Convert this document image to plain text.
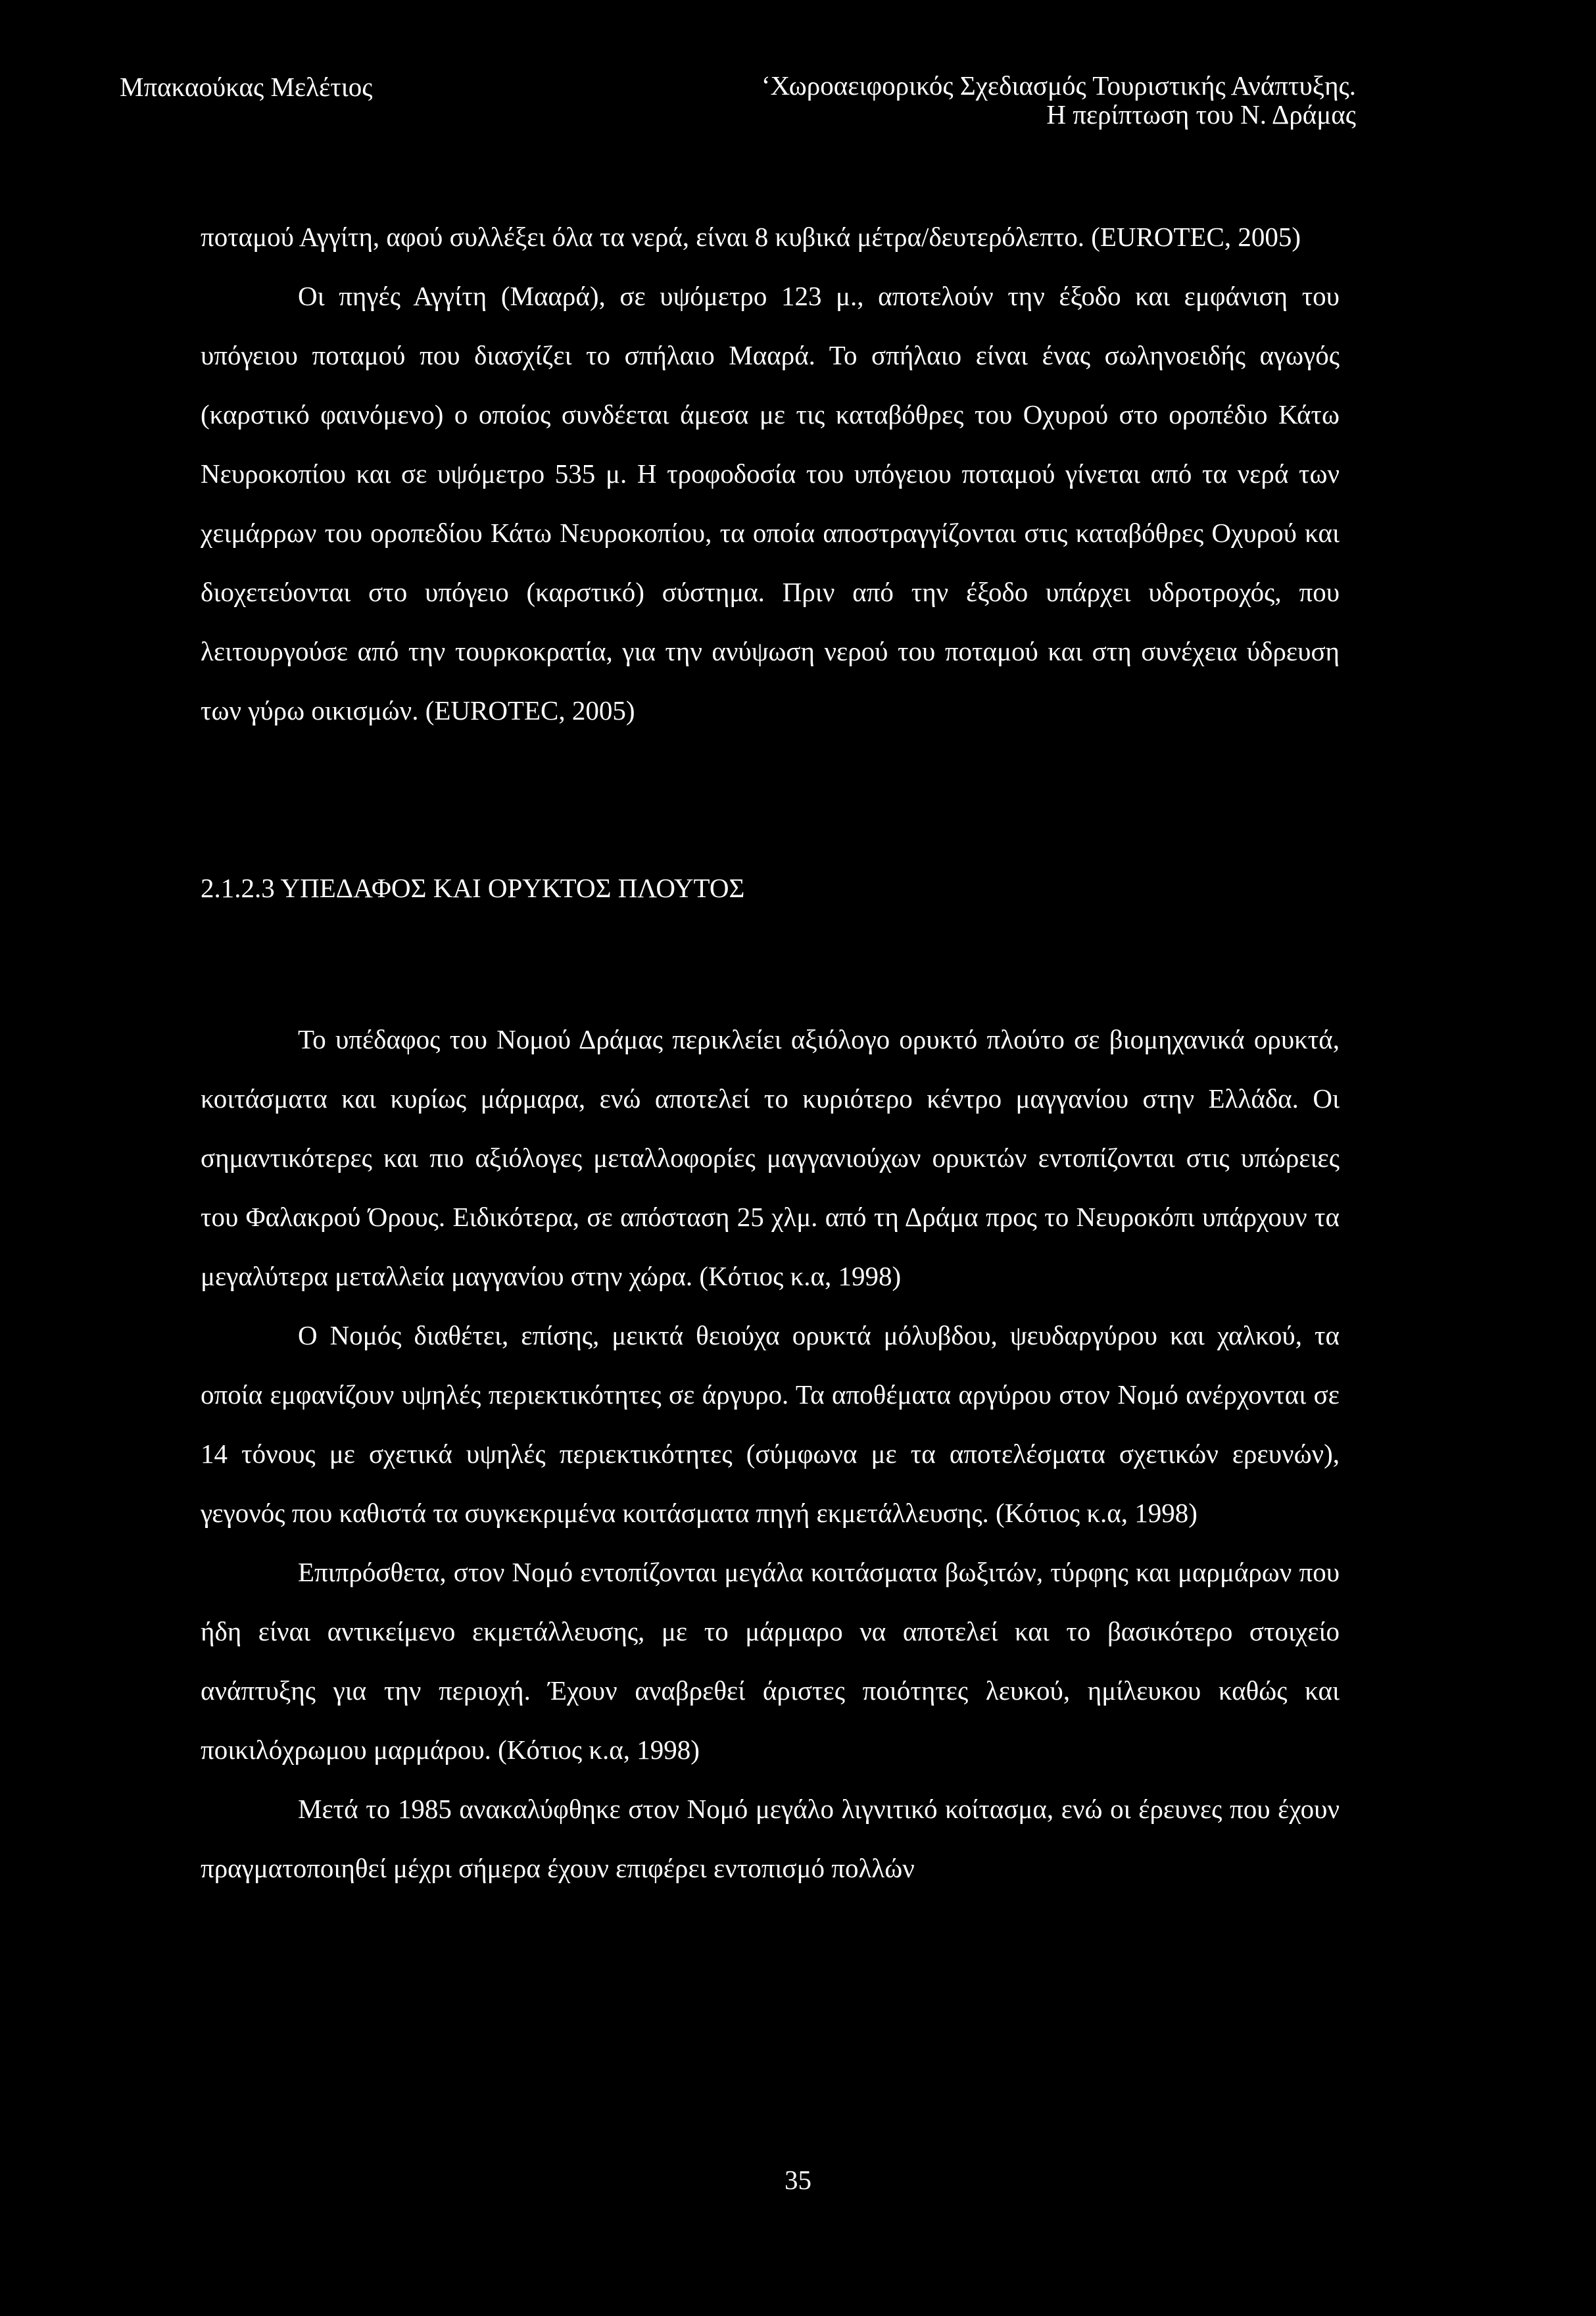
Μπακαούκας Μελέτιος	‘Χωροαειφορικός Σχεδιασμός Τουριστικής Ανάπτυξης.
Η περίπτωση του Ν. Δράμας

ποταμού Αγγίτη, αφού συλλέξει όλα τα νερά, είναι 8 κυβικά μέτρα/δευτερόλεπτο. (EUROTEC, 2005)

Οι πηγές Αγγίτη (Μααρά), σε υψόμετρο 123 μ., αποτελούν την έξοδο και εμφάνιση του υπόγειου ποταμού που διασχίζει το σπήλαιο Μααρά. Το σπήλαιο είναι ένας σωληνοειδής αγωγός (καρστικό φαινόμενο) ο οποίος συνδέεται άμεσα με τις καταβόθρες του Οχυρού στο οροπέδιο Κάτω Νευροκοπίου και σε υψόμετρο 535 μ. Η τροφοδοσία του υπόγειου ποταμού γίνεται από τα νερά των χειμάρρων του οροπεδίου Κάτω Νευροκοπίου, τα οποία αποστραγγίζονται στις καταβόθρες Οχυρού και διοχετεύονται στο υπόγειο (καρστικό) σύστημα. Πριν από την έξοδο υπάρχει υδροτροχός, που λειτουργούσε από την τουρκοκρατία, για την ανύψωση νερού του ποταμού και στη συνέχεια ύδρευση των γύρω οικισμών. (EUROTEC, 2005)

2.1.2.3 ΥΠΕΔΑΦΟΣ ΚΑΙ ΟΡΥΚΤΟΣ ΠΛΟΥΤΟΣ

Το υπέδαφος του Νομού Δράμας περικλείει αξιόλογο ορυκτό πλούτο σε βιομηχανικά ορυκτά, κοιτάσματα και κυρίως μάρμαρα, ενώ αποτελεί το κυριότερο κέντρο μαγγανίου στην Ελλάδα. Οι σημαντικότερες και πιο αξιόλογες μεταλλοφορίες μαγγανιούχων ορυκτών εντοπίζονται στις υπώρειες του Φαλακρού Όρους. Ειδικότερα, σε απόσταση 25 χλμ. από τη Δράμα προς το Νευροκόπι υπάρχουν τα μεγαλύτερα μεταλλεία μαγγανίου στην χώρα. (Κότιος κ.α, 1998)

Ο Νομός διαθέτει, επίσης, μεικτά θειούχα ορυκτά μόλυβδου, ψευδαργύρου και χαλκού, τα οποία εμφανίζουν υψηλές περιεκτικότητες σε άργυρο. Τα αποθέματα αργύρου στον Νομό ανέρχονται σε 14 τόνους με σχετικά υψηλές περιεκτικότητες (σύμφωνα με τα αποτελέσματα σχετικών ερευνών), γεγονός που καθιστά τα συγκεκριμένα κοιτάσματα πηγή εκμετάλλευσης. (Κότιος κ.α, 1998)

Επιπρόσθετα, στον Νομό εντοπίζονται μεγάλα κοιτάσματα βωξιτών, τύρφης και μαρμάρων που ήδη είναι αντικείμενο εκμετάλλευσης, με το μάρμαρο να αποτελεί και το βασικότερο στοιχείο ανάπτυξης για την περιοχή. Έχουν αναβρεθεί άριστες ποιότητες λευκού, ημίλευκου καθώς και ποικιλόχρωμου μαρμάρου. (Κότιος κ.α, 1998)

Μετά το 1985 ανακαλύφθηκε στον Νομό μεγάλο λιγνιτικό κοίτασμα, ενώ οι έρευνες που έχουν πραγματοποιηθεί μέχρι σήμερα έχουν επιφέρει εντοπισμό πολλών

35
